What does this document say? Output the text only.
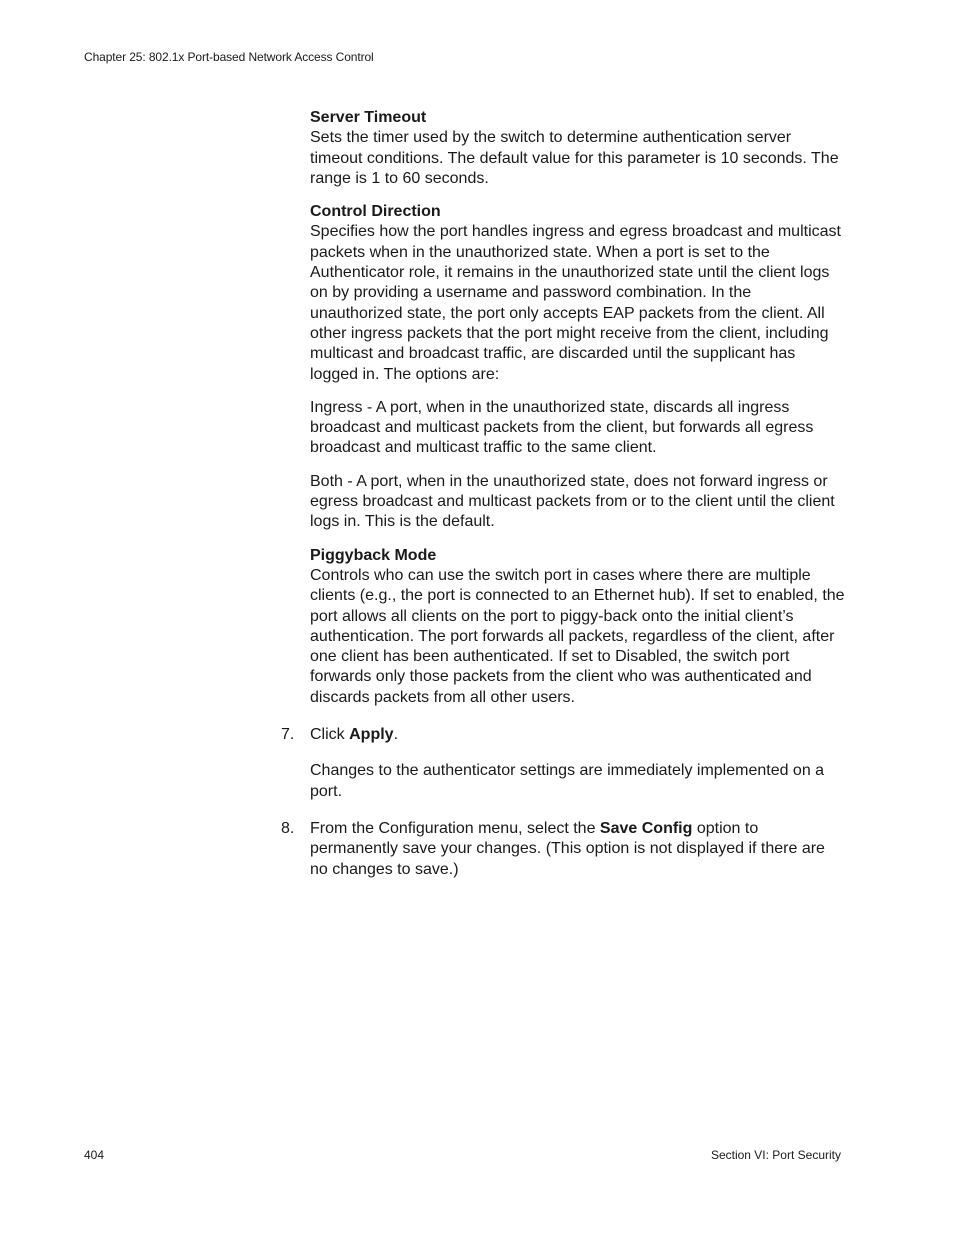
Chapter 25: 802.1x Port-based Network Access Control

Server Timeout

Sets the timer used by the switch to determine authentication server timeout conditions. The default value for this parameter is 10 seconds. The range is 1 to 60 seconds.

Control Direction

Specifies how the port handles ingress and egress broadcast and multicast packets when in the unauthorized state. When a port is set to the Authenticator role, it remains in the unauthorized state until the client logs on by providing a username and password combination. In the unauthorized state, the port only accepts EAP packets from the client. All other ingress packets that the port might receive from the client, including multicast and broadcast traffic, are discarded until the supplicant has logged in. The options are:

Ingress - A port, when in the unauthorized state, discards all ingress broadcast and multicast packets from the client, but forwards all egress broadcast and multicast traffic to the same client.

Both - A port, when in the unauthorized state, does not forward ingress or egress broadcast and multicast packets from or to the client until the client logs in. This is the default.

Piggyback Mode

Controls who can use the switch port in cases where there are multiple clients (e.g., the port is connected to an Ethernet hub). If set to enabled, the port allows all clients on the port to piggy-back onto the initial client’s authentication. The port forwards all packets, regardless of the client, after one client has been authenticated. If set to Disabled, the switch port forwards only those packets from the client who was authenticated and discards packets from all other users.

7. Click Apply.

Changes to the authenticator settings are immediately implemented on a port.

8. From the Configuration menu, select the Save Config option to permanently save your changes. (This option is not displayed if there are no changes to save.)
404	Section VI: Port Security
